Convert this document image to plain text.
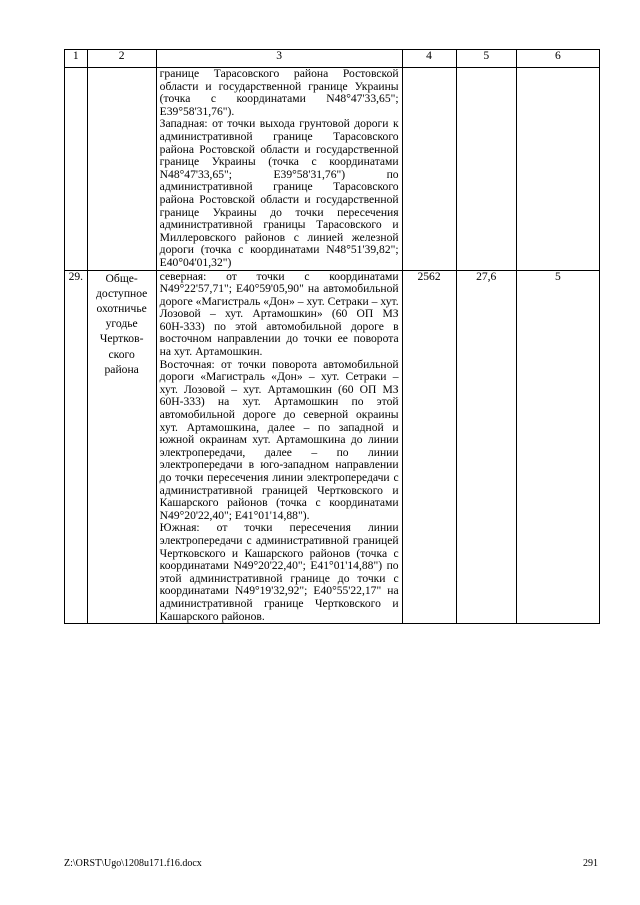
1	2	3	4	5	6

		границе Тарасовского района Ростовской области и государственной границе Украины (точка с координатами N48°47'33,65"; E39°58'31,76").
Западная: от точки выхода грунтовой дороги к административной границе Тарасовского района Ростовской области и государственной границе Украины (точка с координатами N48°47'33,65"; E39°58'31,76") по административной границе Тарасовского района Ростовской области и государственной границе Украины до точки пересечения административной границы Тарасовского и Миллеровского районов с линией железной дороги (точка с координатами N48°51'39,82"; E40°04'01,32")			

29.	Обще-доступное охотничье угодье Чертков-ского района	северная: от точки с координатами N49°22'57,71"; E40°59'05,90" на автомобильной дороге «Магистраль «Дон» – хут. Сетраки – хут. Лозовой – хут. Артамошкин» (60 ОП МЗ 60Н-333) по этой автомобильной дороге в восточном направлении до точки ее поворота на хут. Артамошкин.
Восточная: от точки поворота автомобильной дороги «Магистраль «Дон» – хут. Сетраки – хут. Лозовой – хут. Артамошкин (60 ОП МЗ 60Н-333) на хут. Артамошкин по этой автомобильной дороге до северной окраины хут. Артамошкина, далее – по западной и южной окраинам хут. Артамошкина до линии электропередачи, далее – по линии электропередачи в юго-западном направлении до точки пересечения линии электропередачи с административной границей Чертковского и Кашарского районов (точка с координатами N49°20'22,40"; E41°01'14,88").
Южная: от точки пересечения линии электропередачи с административной границей Чертковского и Кашарского районов (точка с координатами N49°20'22,40"; E41°01'14,88") по этой административной границе до точки с координатами N49°19'32,92"; E40°55'22,17" на административной границе Чертковского и Кашарского районов.	2562	27,6	5
Z:\ORST\Ugo\1208u171.f16.docx	291
